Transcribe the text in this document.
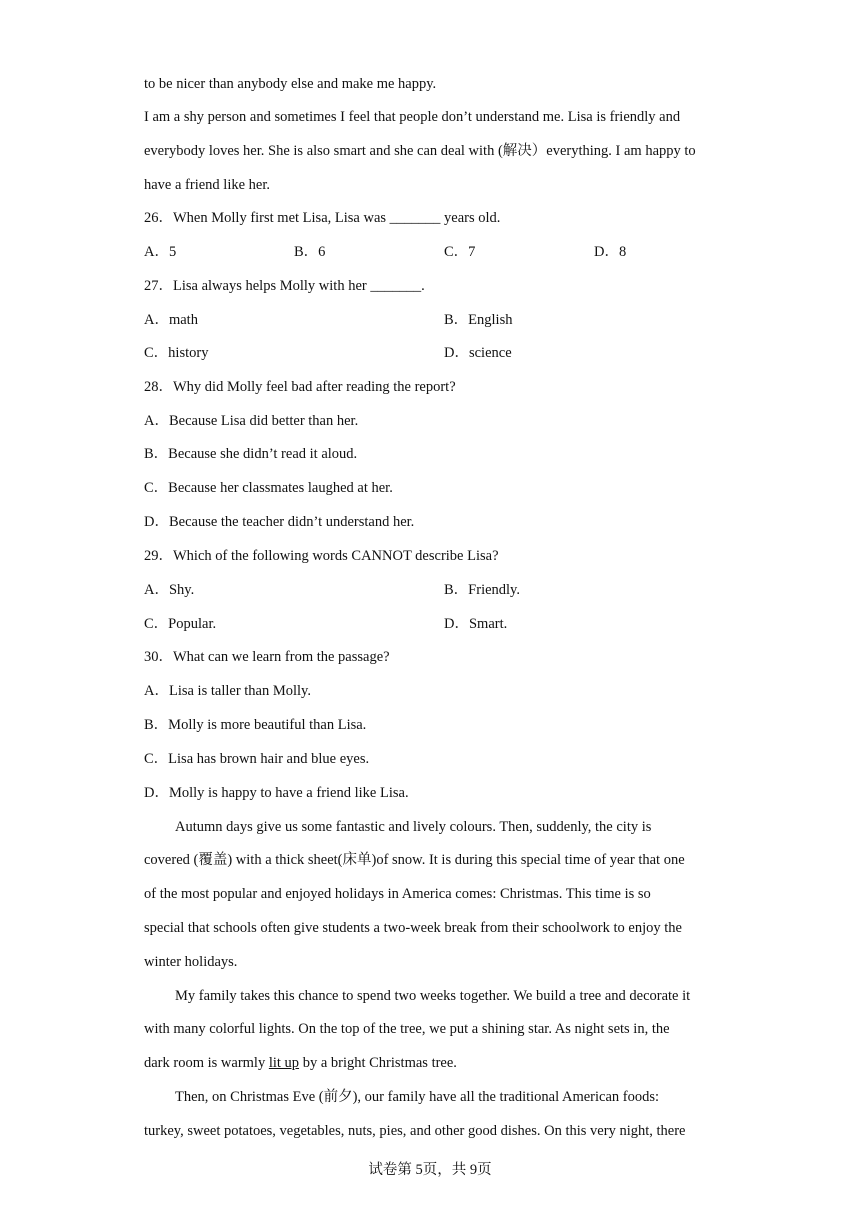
to be nicer than anybody else and make me happy.
I am a shy person and sometimes I feel that people don’t understand me. Lisa is friendly and
everybody loves her. She is also smart and she can deal with (解决）everything. I am happy to
have a friend like her.
26．When Molly first met Lisa, Lisa was _______ years old.
A．5	B．6	C．7	D．8
27．Lisa always helps Molly with her _______.
A．math	B．English
C．history	D．science
28．Why did Molly feel bad after reading the report?
A．Because Lisa did better than her.
B．Because she didn’t read it aloud.
C．Because her classmates laughed at her.
D．Because the teacher didn’t understand her.
29．Which of the following words CANNOT describe Lisa?
A．Shy.	B．Friendly.
C．Popular.	D．Smart.
30．What can we learn from the passage?
A．Lisa is taller than Molly.
B．Molly is more beautiful than Lisa.
C．Lisa has brown hair and blue eyes.
D．Molly is happy to have a friend like Lisa.
Autumn days give us some fantastic and lively colours. Then, suddenly, the city is
covered (覆盖) with a thick sheet(床单)of snow. It is during this special time of year that one
of the most popular and enjoyed holidays in America comes: Christmas. This time is so
special that schools often give students a two-week break from their schoolwork to enjoy the
winter holidays.
My family takes this chance to spend two weeks together. We build a tree and decorate it
with many colorful lights. On the top of the tree, we put a shining star. As night sets in, the
dark room is warmly lit up by a bright Christmas tree.
Then, on Christmas Eve (前夕), our family have all the traditional American foods:
turkey, sweet potatoes, vegetables, nuts, pies, and other good dishes. On this very night, there
试卷第 5页，共 9页
